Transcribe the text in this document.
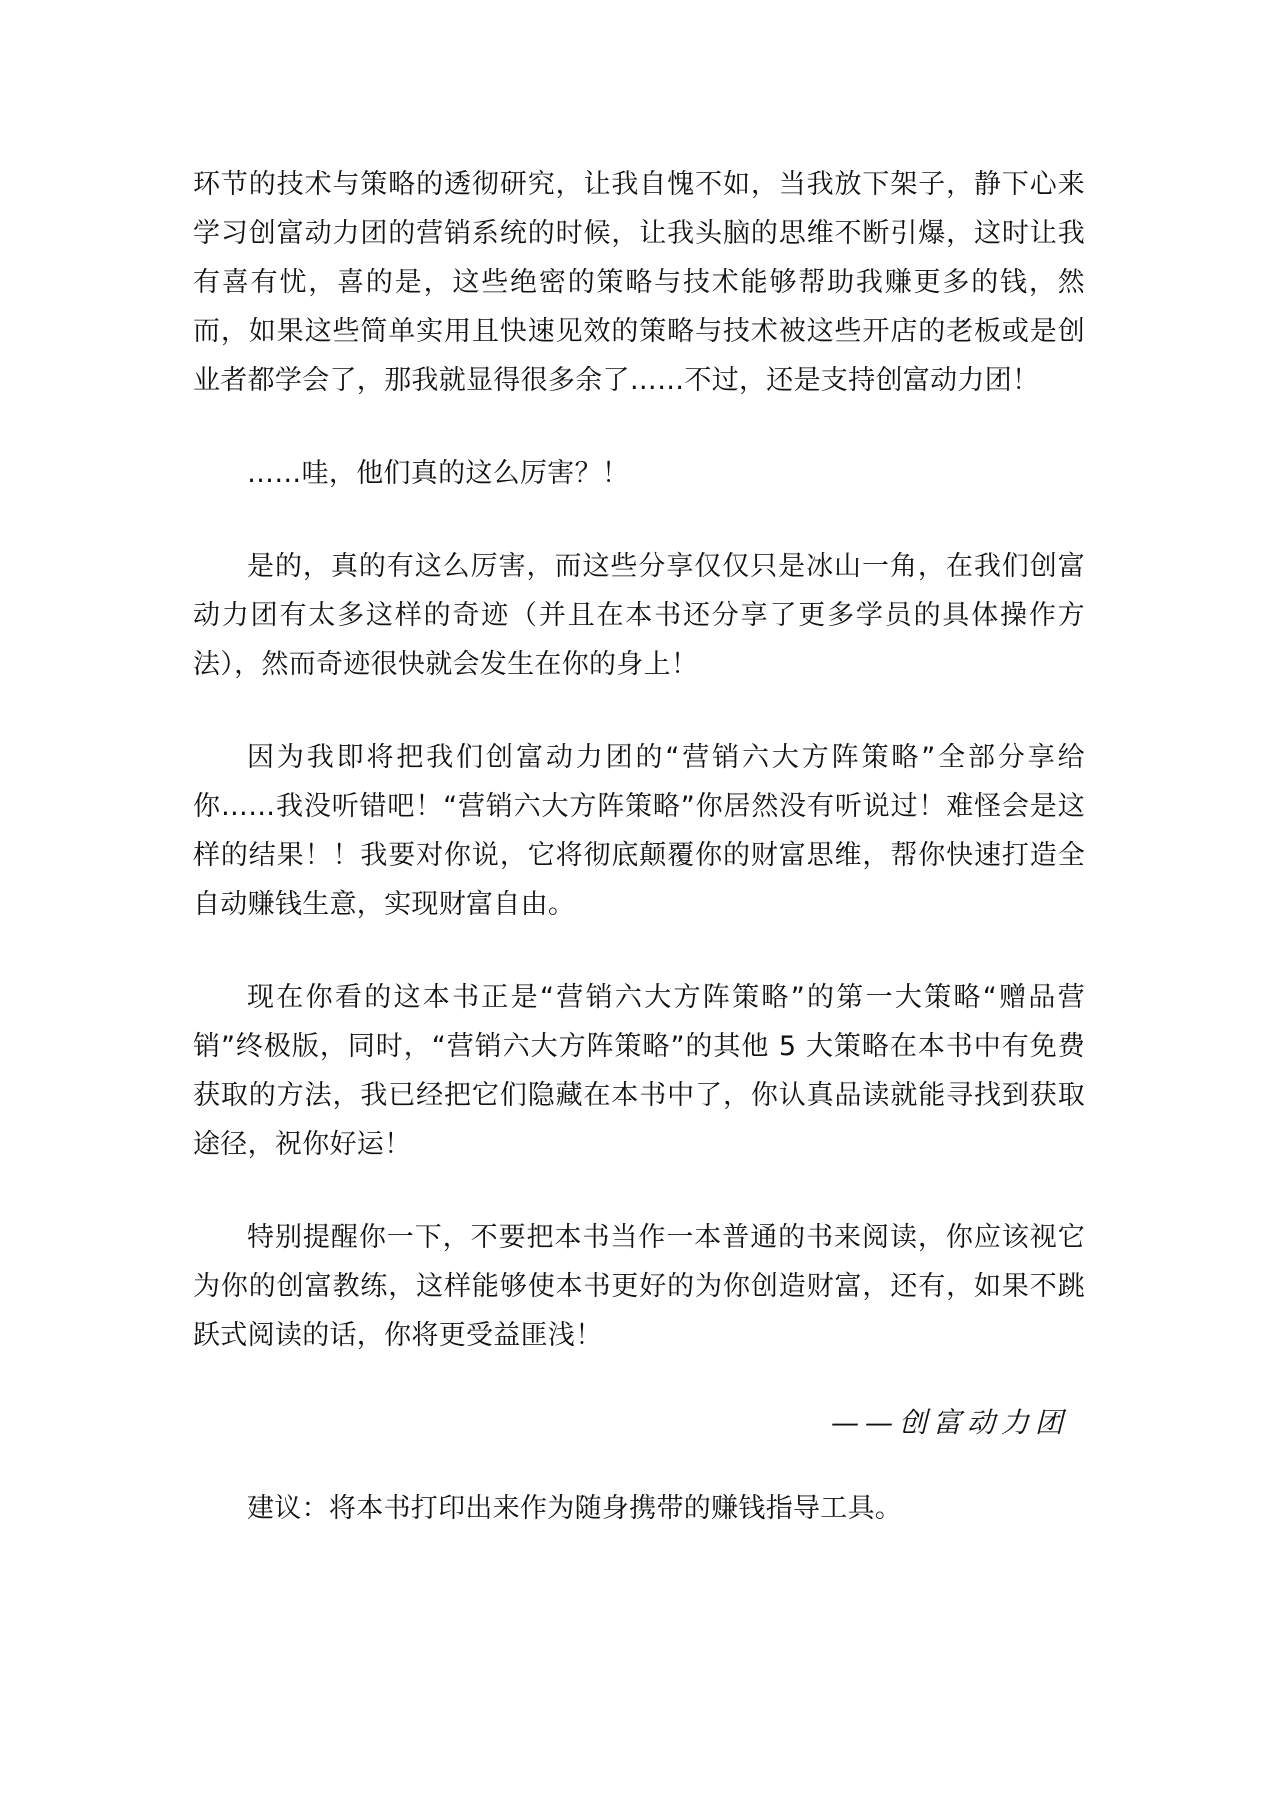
环节的技术与策略的透彻研究，让我自愧不如，当我放下架子，静下心来学习创富动力团的营销系统的时候，让我头脑的思维不断引爆，这时让我有喜有忧，喜的是，这些绝密的策略与技术能够帮助我赚更多的钱，然而，如果这些简单实用且快速见效的策略与技术被这些开店的老板或是创业者都学会了，那我就显得很多余了……不过，还是支持创富动力团！

……哇，他们真的这么厉害？！

是的，真的有这么厉害，而这些分享仅仅只是冰山一角，在我们创富动力团有太多这样的奇迹（并且在本书还分享了更多学员的具体操作方法），然而奇迹很快就会发生在你的身上！

因为我即将把我们创富动力团的“营销六大方阵策略”全部分享给你……我没听错吧！“营销六大方阵策略”你居然没有听说过！难怪会是这样的结果！！我要对你说，它将彻底颠覆你的财富思维，帮你快速打造全自动赚钱生意，实现财富自由。

现在你看的这本书正是“营销六大方阵策略”的第一大策略“赠品营销”终极版，同时，“营销六大方阵策略”的其他 5 大策略在本书中有免费获取的方法，我已经把它们隐藏在本书中了，你认真品读就能寻找到获取途径，祝你好运！

特别提醒你一下，不要把本书当作一本普通的书来阅读，你应该视它为你的创富教练，这样能够使本书更好的为你创造财富，还有，如果不跳跃式阅读的话，你将更受益匪浅！

——创富动力团

建议：将本书打印出来作为随身携带的赚钱指导工具。
